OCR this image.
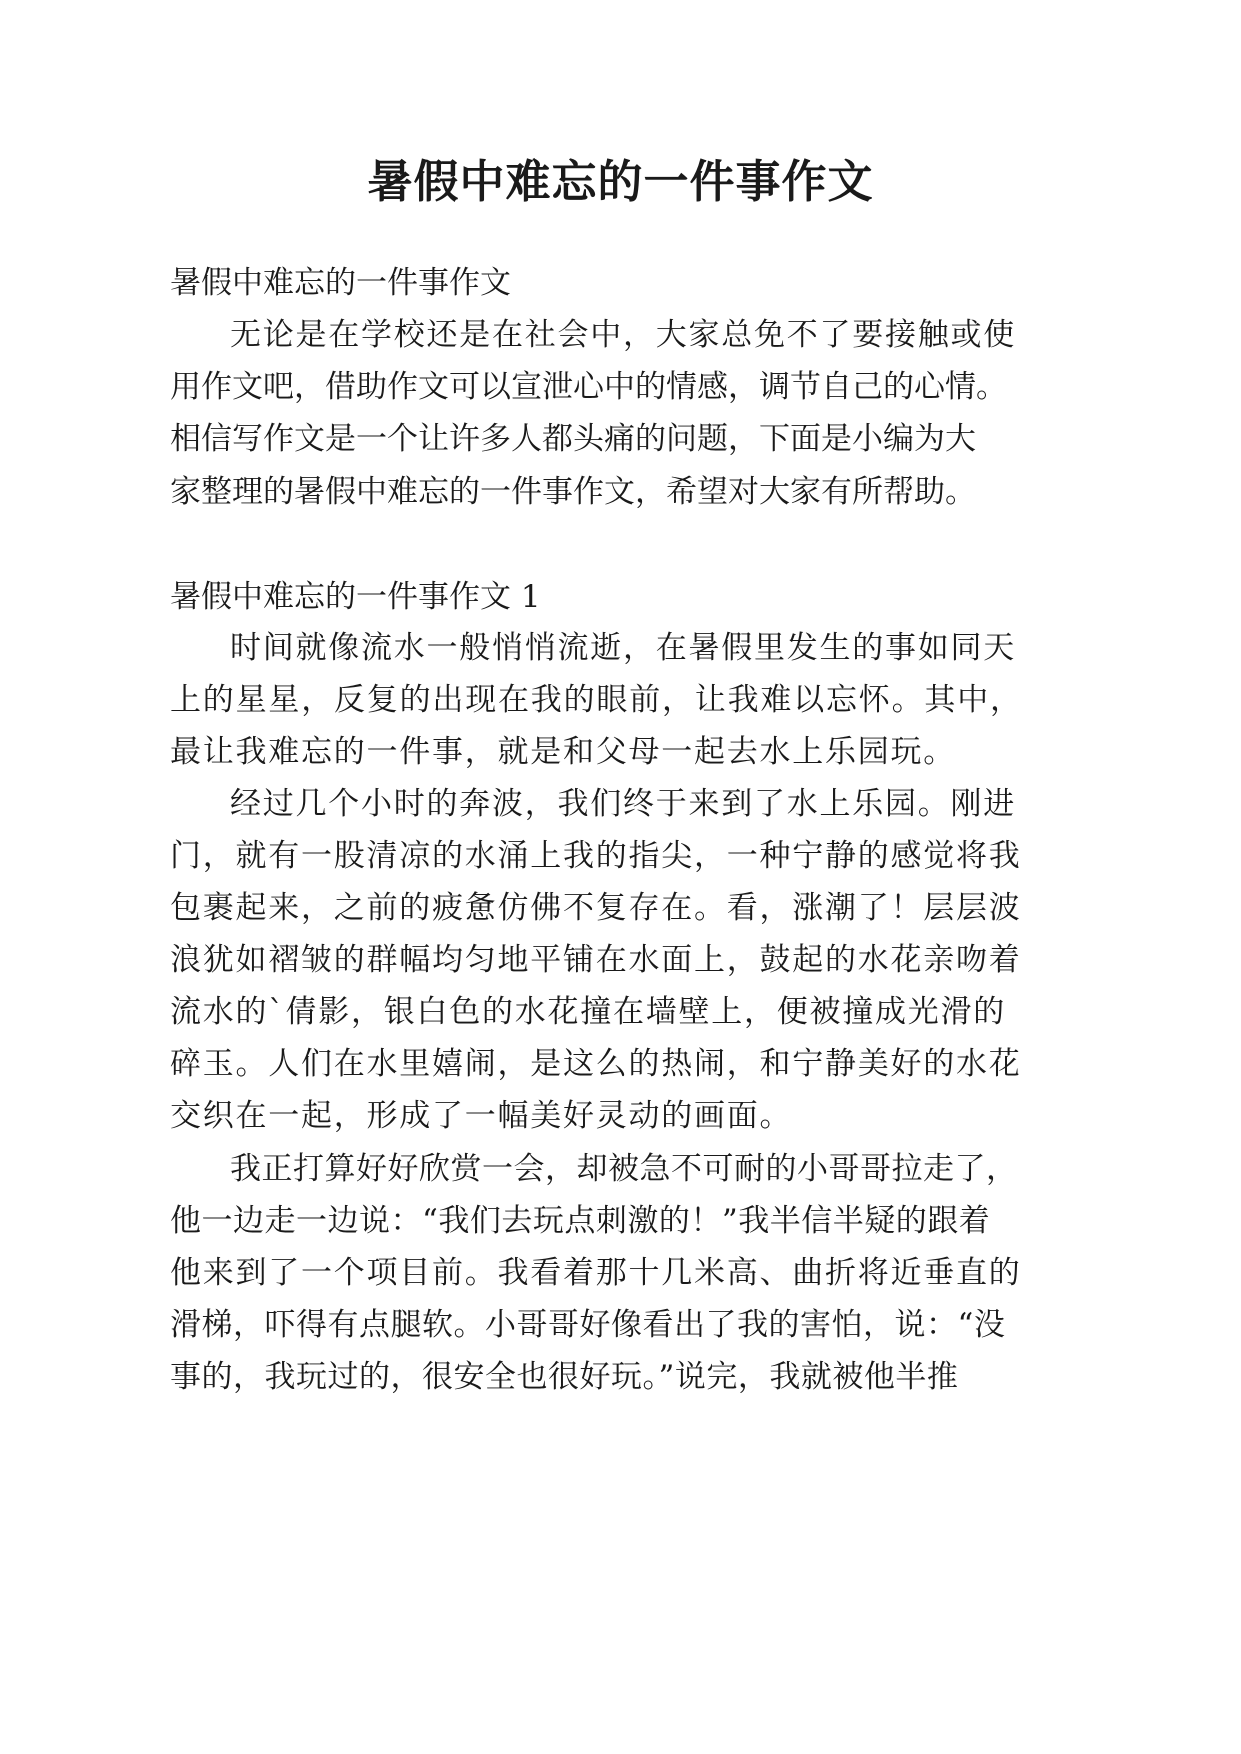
暑假中难忘的一件事作文
暑假中难忘的一件事作文
无论是在学校还是在社会中，大家总免不了要接触或使
用作文吧，借助作文可以宣泄心中的情感，调节自己的心情。
相信写作文是一个让许多人都头痛的问题，下面是小编为大
家整理的暑假中难忘的一件事作文，希望对大家有所帮助。
暑假中难忘的一件事作文 1
时间就像流水一般悄悄流逝，在暑假里发生的事如同天
上的星星，反复的出现在我的眼前，让我难以忘怀。其中，
最让我难忘的一件事，就是和父母一起去水上乐园玩。
经过几个小时的奔波，我们终于来到了水上乐园。刚进
门，就有一股清凉的水涌上我的指尖，一种宁静的感觉将我
包裹起来，之前的疲惫仿佛不复存在。看，涨潮了！层层波
浪犹如褶皱的群幅均匀地平铺在水面上，鼓起的水花亲吻着
流水的`倩影，银白色的水花撞在墙壁上，便被撞成光滑的
碎玉。人们在水里嬉闹，是这么的热闹，和宁静美好的水花
交织在一起，形成了一幅美好灵动的画面。
我正打算好好欣赏一会，却被急不可耐的小哥哥拉走了，
他一边走一边说：“我们去玩点刺激的！”我半信半疑的跟着
他来到了一个项目前。我看着那十几米高、曲折将近垂直的
滑梯，吓得有点腿软。小哥哥好像看出了我的害怕，说：“没
事的，我玩过的，很安全也很好玩。”说完，我就被他半推
